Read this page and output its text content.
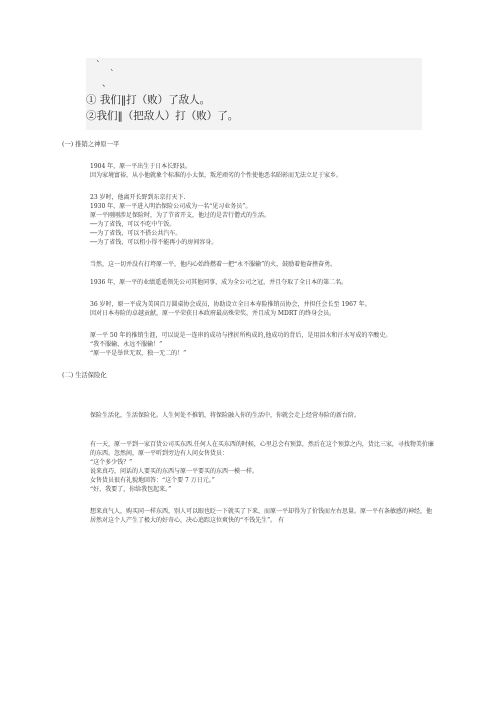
`
`
、
① 我们‖打（败）了敌人。
②我们‖（把敌人）打（败）了。

(一) 推销之神原一平

1904 年，原一平出生于日本长野县。

因为家境富裕，从小他就象个标准的小太保，叛逆顽劣的个性使他恶名昭彰而无法立足于家乡。

23 岁时，他离开长野到东京打天下.

1930 年，原一平进入明治保险公司成为一名“见习业务员”。

原一平刚刚涉足保险时，为了节省开支，他过的是苦行僧式的生活。

──为了省钱，可以不吃中午饭。

──为了省钱，可以不搭公共汽车。

──为了省钱，可以租小得不能再小的房间容身。

当然，这一切并没有打垮原一平，他内心始终燃着一把“永不服输”的火，鼓励着他奋挫奋勇。

1936 年，原一平的业绩遥遥领先公司其他同事，成为全公司之冠，并且夺取了全日本的第二名。

36 岁时，原一平成为美国百万圆桌协会成员，协助设立全日本寿险推销员协会，并担任会长至 1967 年。

因对日本寿险的卓越贡献，原一平荣获日本政府最高殊荣奖，并且成为 MDRT 的终身会员。

原一平 50 年的推销生涯，可以说是一连串的成功与挫折所构成的,他成功的背后，是用泪水和汗水写成的辛酸史。

“我不服输，永远不服输！”

“原一平是举世无双，独一无二的！”

(二) 生活保险化

保险生活化，生活保险化。人生何处不推销，将保险融入你的生活中，你就会走上经营寿险的新台阶。

有一天，原一平到一家百货公司买东西.任何人在买东西的时候，心里总会有预算，然后在这个预算之内，货比三家，寻找物美价廉的东西。忽然间，原一平听到旁边有人问女售货员：

“这个多少钱？”

说来真巧，问话的人要买的东西与原一平要买的东西一模一样。

女售货员很有礼貌地回答：“这个要 7 万日元。”

“好，我要了，你给我包起来。”

想来真气人，购买同一样东西，别人可以眼也眨一下就买了下来，而原一平却得为了价钱而左右思量。原一平有条敏感的神经，他居然对这个人产生了极大的好奇心，决心追踪这位爽快的“不钱先生”。 有
